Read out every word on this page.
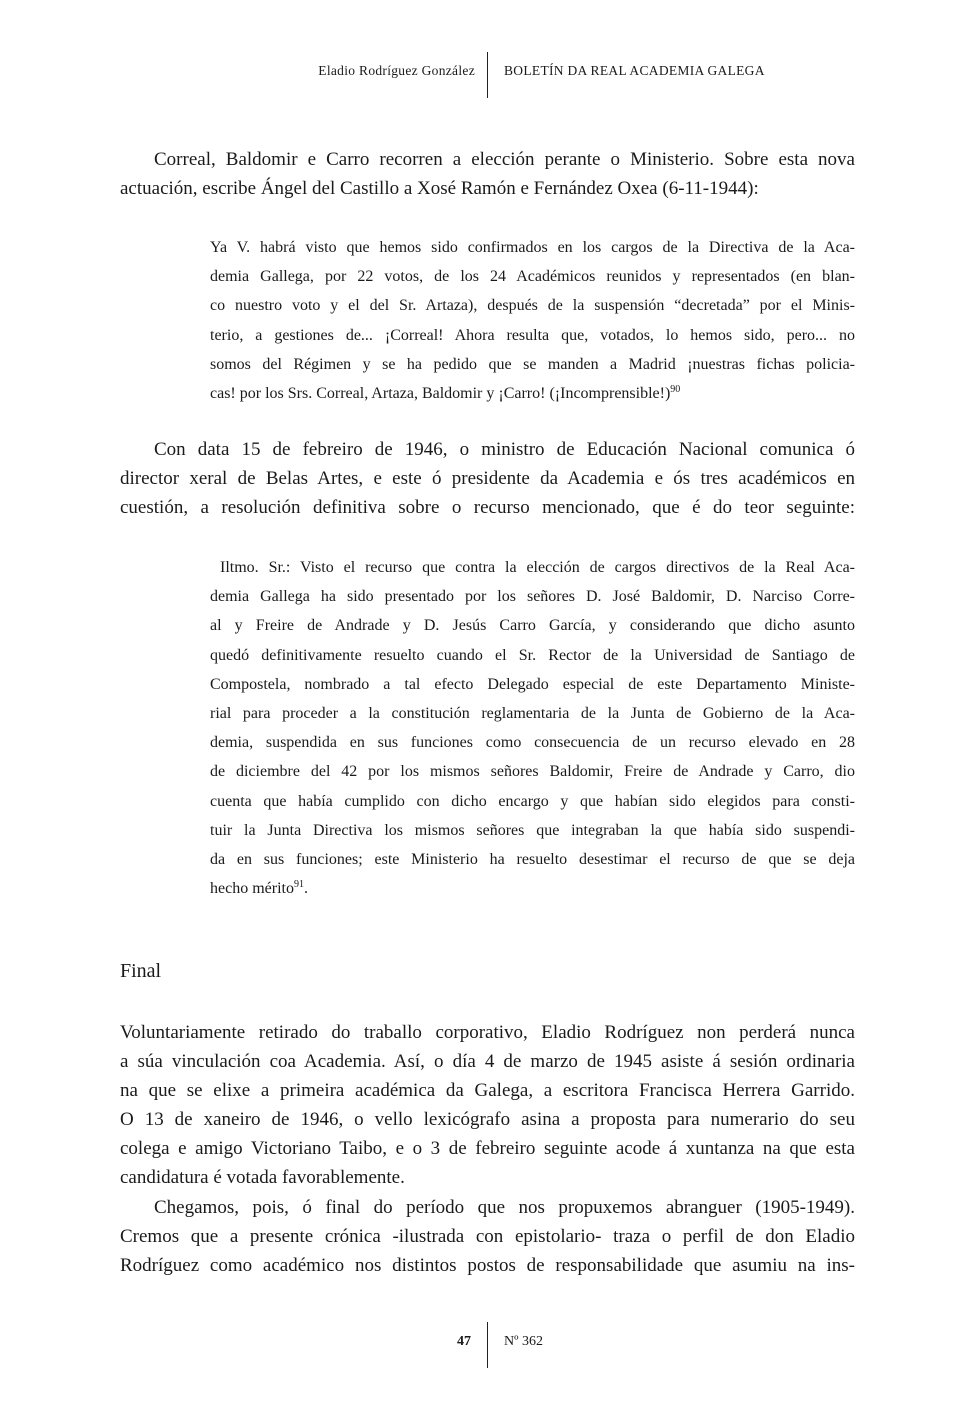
Eladio Rodríguez González BOLETÍN DA REAL ACADEMIA GALEGA
Correal, Baldomir e Carro recorren a elección perante o Ministerio. Sobre esta nova
actuación, escribe Ángel del Castillo a Xosé Ramón e Fernández Oxea (6-11-1944):
Ya V. habrá visto que hemos sido confirmados en los cargos de la Directiva de la Aca-
demia Gallega, por 22 votos, de los 24 Académicos reunidos y representados (en blan-
co nuestro voto y el del Sr. Artaza), después de la suspensión “decretada” por el Minis-
terio, a gestiones de... ¡Correal! Ahora resulta que, votados, lo hemos sido, pero... no
somos del Régimen y se ha pedido que se manden a Madrid ¡nuestras fichas policia-
cas! por los Srs. Correal, Artaza, Baldomir y ¡Carro! (¡Incomprensible!)$^{90}$
Con data 15 de febreiro de 1946, o ministro de Educación Nacional comunica ó
director xeral de Belas Artes, e este ó presidente da Academia e ós tres académicos en
cuestión, a resolución definitiva sobre o recurso mencionado, que é do teor seguinte:
Iltmo. Sr.: Visto el recurso que contra la elección de cargos directivos de la Real Aca-
demia Gallega ha sido presentado por los señores D. José Baldomir, D. Narciso Corre-
al y Freire de Andrade y D. Jesús Carro García, y considerando que dicho asunto
quedó definitivamente resuelto cuando el Sr. Rector de la Universidad de Santiago de
Compostela, nombrado a tal efecto Delegado especial de este Departamento Ministe-
rial para proceder a la constitución reglamentaria de la Junta de Gobierno de la Aca-
demia, suspendida en sus funciones como consecuencia de un recurso elevado en 28
de diciembre del 42 por los mismos señores Baldomir, Freire de Andrade y Carro, dio
cuenta que había cumplido con dicho encargo y que habían sido elegidos para consti-
tuir la Junta Directiva los mismos señores que integraban la que había sido suspendi-
da en sus funciones; este Ministerio ha resuelto desestimar el recurso de que se deja
hecho mérito$^{91}$.
Final
Voluntariamente retirado do traballo corporativo, Eladio Rodríguez non perderá nunca
a súa vinculación coa Academia. Así, o día 4 de marzo de 1945 asiste á sesión ordinaria
na que se elixe a primeira académica da Galega, a escritora Francisca Herrera Garrido.
O 13 de xaneiro de 1946, o vello lexicógrafo asina a proposta para numerario do seu
colega e amigo Victoriano Taibo, e o 3 de febreiro seguinte acode á xuntanza na que esta
candidatura é votada favorablemente.
Chegamos, pois, ó final do período que nos propuxemos abranguer (1905-1949).
Cremos que a presente crónica -ilustrada con epistolario- traza o perfil de don Eladio
Rodríguez como académico nos distintos postos de responsabilidade que asumiu na ins-
47 Nº 362
